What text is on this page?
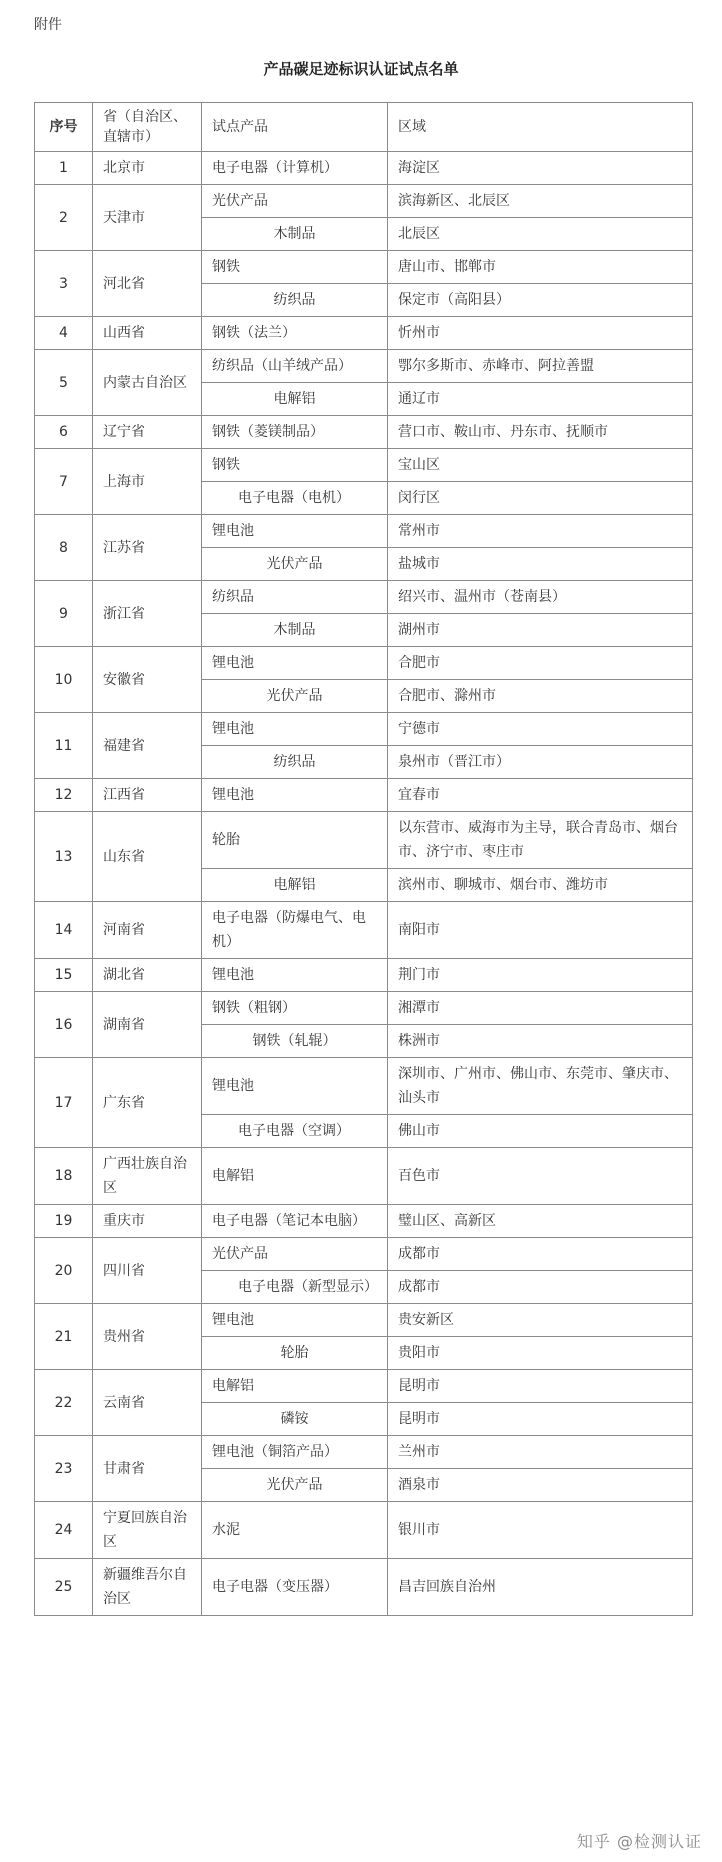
附件
产品碳足迹标识认证试点名单
序号	省（自治区、直辖市）	试点产品	区域
1	北京市	电子电器（计算机）	海淀区
2	天津市	光伏产品	滨海新区、北辰区
		木制品	北辰区
3	河北省	钢铁	唐山市、邯郸市
		纺织品	保定市（高阳县）
4	山西省	钢铁（法兰）	忻州市
5	内蒙古自治区	纺织品（山羊绒产品）	鄂尔多斯市、赤峰市、阿拉善盟
		电解铝	通辽市
6	辽宁省	钢铁（菱镁制品）	营口市、鞍山市、丹东市、抚顺市
7	上海市	钢铁	宝山区
		电子电器（电机）	闵行区
8	江苏省	锂电池	常州市
		光伏产品	盐城市
9	浙江省	纺织品	绍兴市、温州市（苍南县）
		木制品	湖州市
10	安徽省	锂电池	合肥市
		光伏产品	合肥市、滁州市
11	福建省	锂电池	宁德市
		纺织品	泉州市（晋江市）
12	江西省	锂电池	宜春市
13	山东省	轮胎	以东营市、威海市为主导，联合青岛市、烟台市、济宁市、枣庄市
		电解铝	滨州市、聊城市、烟台市、潍坊市
14	河南省	电子电器（防爆电气、电机）	南阳市
15	湖北省	锂电池	荆门市
16	湖南省	钢铁（粗钢）	湘潭市
		钢铁（轧辊）	株洲市
17	广东省	锂电池	深圳市、广州市、佛山市、东莞市、肇庆市、汕头市
		电子电器（空调）	佛山市
18	广西壮族自治区	电解铝	百色市
19	重庆市	电子电器（笔记本电脑）	璧山区、高新区
20	四川省	光伏产品	成都市
		电子电器（新型显示）	成都市
21	贵州省	锂电池	贵安新区
		轮胎	贵阳市
22	云南省	电解铝	昆明市
		磷铵	昆明市
23	甘肃省	锂电池（铜箔产品）	兰州市
		光伏产品	酒泉市
24	宁夏回族自治区	水泥	银川市
25	新疆维吾尔自治区	电子电器（变压器）	昌吉回族自治州
知乎 @检测认证
